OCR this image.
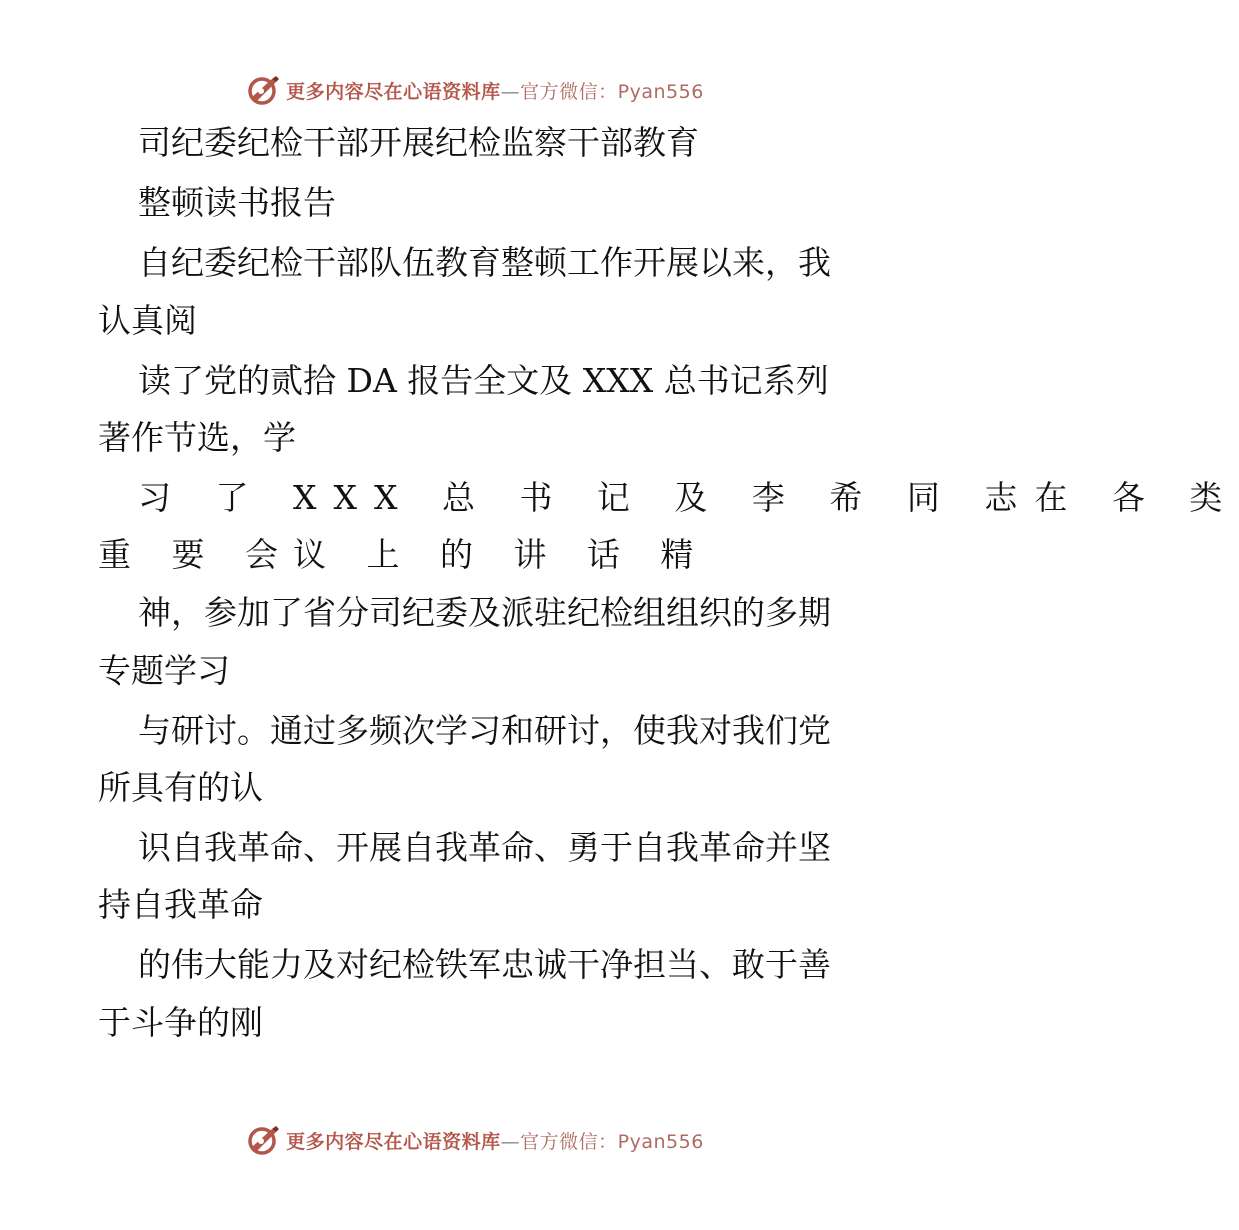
更多内容尽在心语资料库—官方微信：Pyan556
司纪委纪检干部开展纪检监察干部教育
整顿读书报告
自纪委纪检干部队伍教育整顿工作开展以来，我
认真阅
读了党的贰拾 DA 报告全文及 XXX 总书记系列
著作节选，学
习 了 XXX 总 书 记 及 李 希 同 志在 各 类
重 要 会议 上 的 讲 话 精
神，参加了省分司纪委及派驻纪检组组织的多期
专题学习
与研讨。通过多频次学习和研讨，使我对我们党
所具有的认
识自我革命、开展自我革命、勇于自我革命并坚
持自我革命
的伟大能力及对纪检铁军忠诚干净担当、敢于善
于斗争的刚
更多内容尽在心语资料库—官方微信：Pyan556
